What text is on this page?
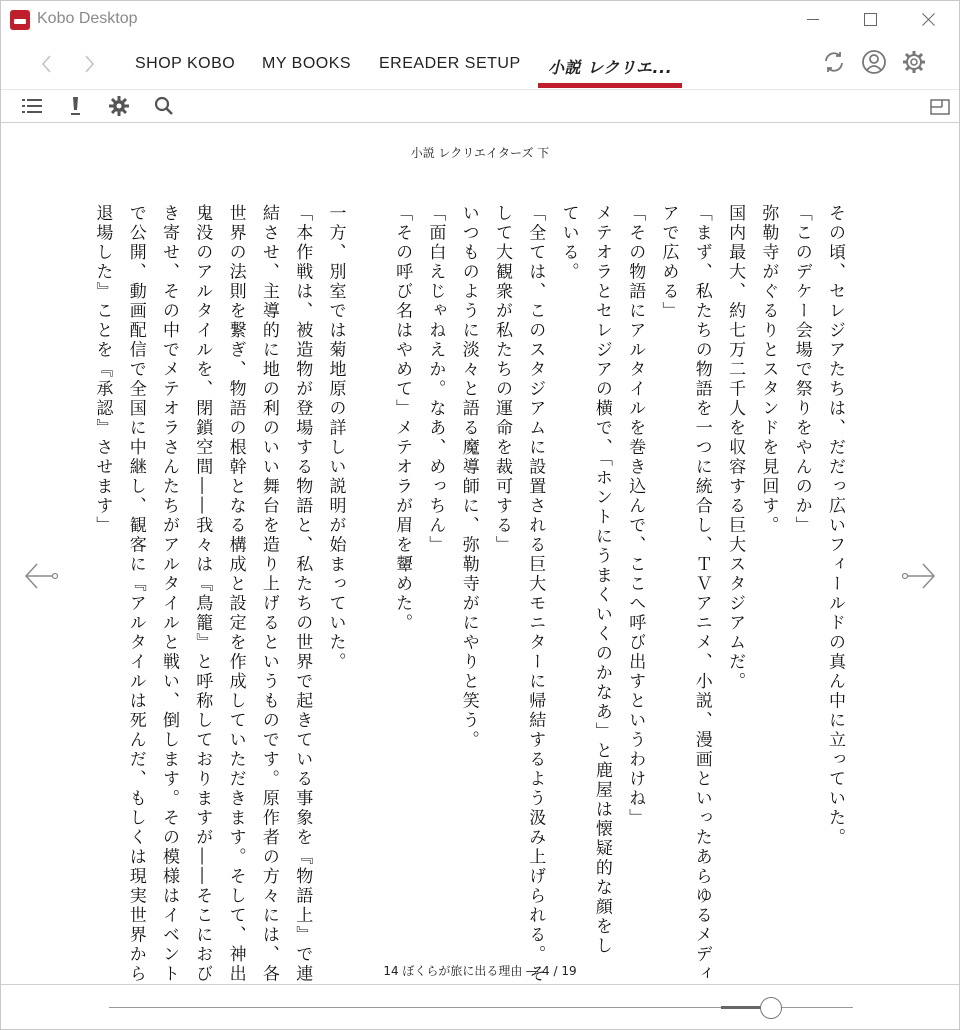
Kobo Desktop
SHOP KOBO MY BOOKS EREADER SETUP 小説 レクリエ...
小説 レクリエイターズ 下
その頃、セレジアたちは、だだっ広いフィールドの真ん中に立っていた。
「このデケー会場で祭りをやんのか」
弥勒寺がぐるりとスタンドを見回す。
国内最大、約七万二千人を収容する巨大スタジアムだ。
「まず、私たちの物語を一つに統合し、ＴＶアニメ、小説、漫画といったあらゆるメディ
アで広める」
「その物語にアルタイルを巻き込んで、ここへ呼び出すというわけね」
メテオラとセレジアの横で、「ホントにうまくいくのかなあ」と鹿屋は懐疑的な顔をし
ている。
「全ては、このスタジアムに設置される巨大モニターに帰結するよう汲み上げられる。そ
して大観衆が私たちの運命を裁可する」
いつものように淡々と語る魔導師に、弥勒寺がにやりと笑う。
「面白えじゃねえか。なあ、めっちん」
「その呼び名はやめて」メテオラが眉を顰めた。
一方、別室では菊地原の詳しい説明が始まっていた。
「本作戦は、被造物が登場する物語と、私たちの世界で起きている事象を『物語上』で連
結させ、主導的に地の利のいい舞台を造り上げるというものです。原作者の方々には、各
世界の法則を繋ぎ、物語の根幹となる構成と設定を作成していただきます。そして、神出
鬼没のアルタイルを、閉鎖空間――我々は『鳥籠』と呼称しておりますが――そこにおび
き寄せ、その中でメテオラさんたちがアルタイルと戦い、倒します。その模様はイベント
で公開、動画配信で全国に中継し、観客に『アルタイルは死んだ、もしくは現実世界から
退場した』ことを『承認』させます」
14 ぼくらが旅に出る理由 ― 4 / 19
